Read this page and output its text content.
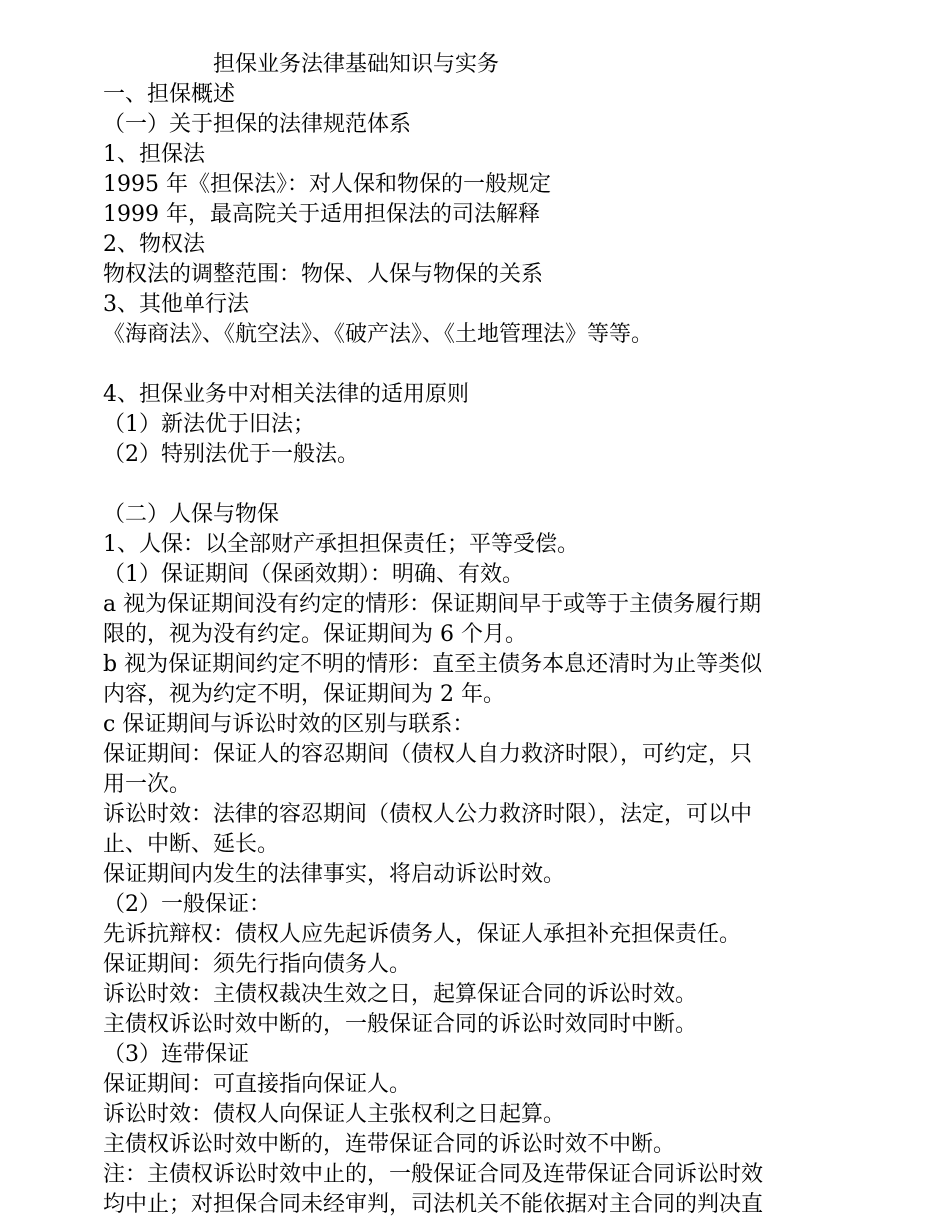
担保业务法律基础知识与实务
一、担保概述
（一）关于担保的法律规范体系
1、担保法
1995 年《担保法》：对人保和物保的一般规定
1999 年，最高院关于适用担保法的司法解释
2、物权法
物权法的调整范围：物保、人保与物保的关系
3、其他单行法
《海商法》、《航空法》、《破产法》、《土地管理法》等等。
4、担保业务中对相关法律的适用原则
（1）新法优于旧法；
（2）特别法优于一般法。
（二）人保与物保
1、人保：以全部财产承担担保责任；平等受偿。
（1）保证期间（保函效期）：明确、有效。
a 视为保证期间没有约定的情形：保证期间早于或等于主债务履行期
限的，视为没有约定。保证期间为 6 个月。
b 视为保证期间约定不明的情形：直至主债务本息还清时为止等类似
内容，视为约定不明，保证期间为 2 年。
c 保证期间与诉讼时效的区别与联系：
保证期间：保证人的容忍期间（债权人自力救济时限），可约定，只
用一次。
诉讼时效：法律的容忍期间（债权人公力救济时限），法定，可以中
止、中断、延长。
保证期间内发生的法律事实，将启动诉讼时效。
（2）一般保证：
先诉抗辩权：债权人应先起诉债务人，保证人承担补充担保责任。
保证期间：须先行指向债务人。
诉讼时效：主债权裁决生效之日，起算保证合同的诉讼时效。
主债权诉讼时效中断的，一般保证合同的诉讼时效同时中断。
（3）连带保证
保证期间：可直接指向保证人。
诉讼时效：债权人向保证人主张权利之日起算。
主债权诉讼时效中断的，连带保证合同的诉讼时效不中断。
注：主债权诉讼时效中止的，一般保证合同及连带保证合同诉讼时效
均中止；对担保合同未经审判，司法机关不能依据对主合同的判决直
